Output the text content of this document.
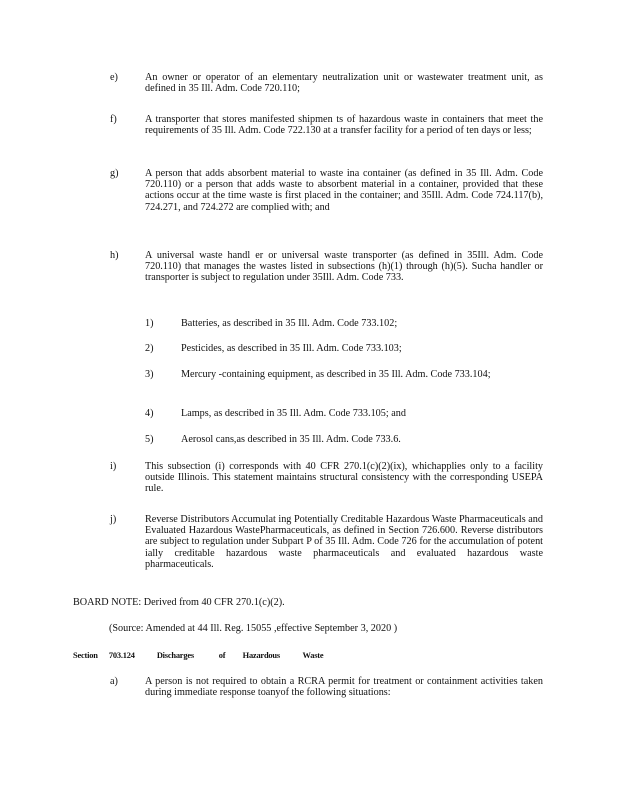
e)	An owner or operator of an elementary neutralization unit or wastewater treatment unit, as defined in 35 Ill. Adm. Code 720.110;
f)	A transporter that stores manifested shipmen ts of hazardous waste in containers that meet the requirements of 35 Ill. Adm. Code 722.130 at a transfer facility for a period of ten days or less;
g)	A person that adds absorbent material to waste ina container (as defined in 35 Ill. Adm. Code 720.110) or a person that adds waste to absorbent material in a container, provided that these actions occur at the time waste is first placed in the container; and 35Ill. Adm. Code 724.117(b), 724.271, and 724.272 are complied with; and
h)	A universal waste handl er or universal waste transporter (as defined in 35Ill. Adm. Code 720.110) that manages the wastes listed in subsections (h)(1) through (h)(5). Sucha handler or transporter is subject to regulation under 35Ill. Adm. Code 733.
1)	Batteries, as described in 35 Ill. Adm. Code 733.102;
2)	Pesticides, as described in 35 Ill. Adm. Code 733.103;
3)	Mercury -containing equipment, as described in 35 Ill. Adm. Code 733.104;
4)	Lamps, as described in 35 Ill. Adm. Code 733.105; and
5)	Aerosol cans,as described in 35 Ill. Adm. Code 733.6.
i)	This subsection (i) corresponds with 40 CFR 270.1(c)(2)(ix), whichapplies only to a facility outside Illinois. This statement maintains structural consistency with the corresponding USEPA rule.
j)	Reverse Distributors Accumulat ing Potentially Creditable Hazardous Waste Pharmaceuticals and Evaluated Hazardous WastePharmaceuticals, as defined in Section 726.600. Reverse distributors are subject to regulation under Subpart P of 35 Ill. Adm. Code 726 for the accumulation of potent ially creditable hazardous waste pharmaceuticals and evaluated hazardous waste pharmaceuticals.
BOARD NOTE: Derived from 40 CFR 270.1(c)(2).
(Source: Amended at 44 Ill. Reg. 15055 ,effective September 3, 2020 )
Section 703.124	Discharges	of Hazardous	Waste
a)	A person is not required to obtain a RCRA permit for treatment or containment activities taken during immediate response toanyof the following situations:
